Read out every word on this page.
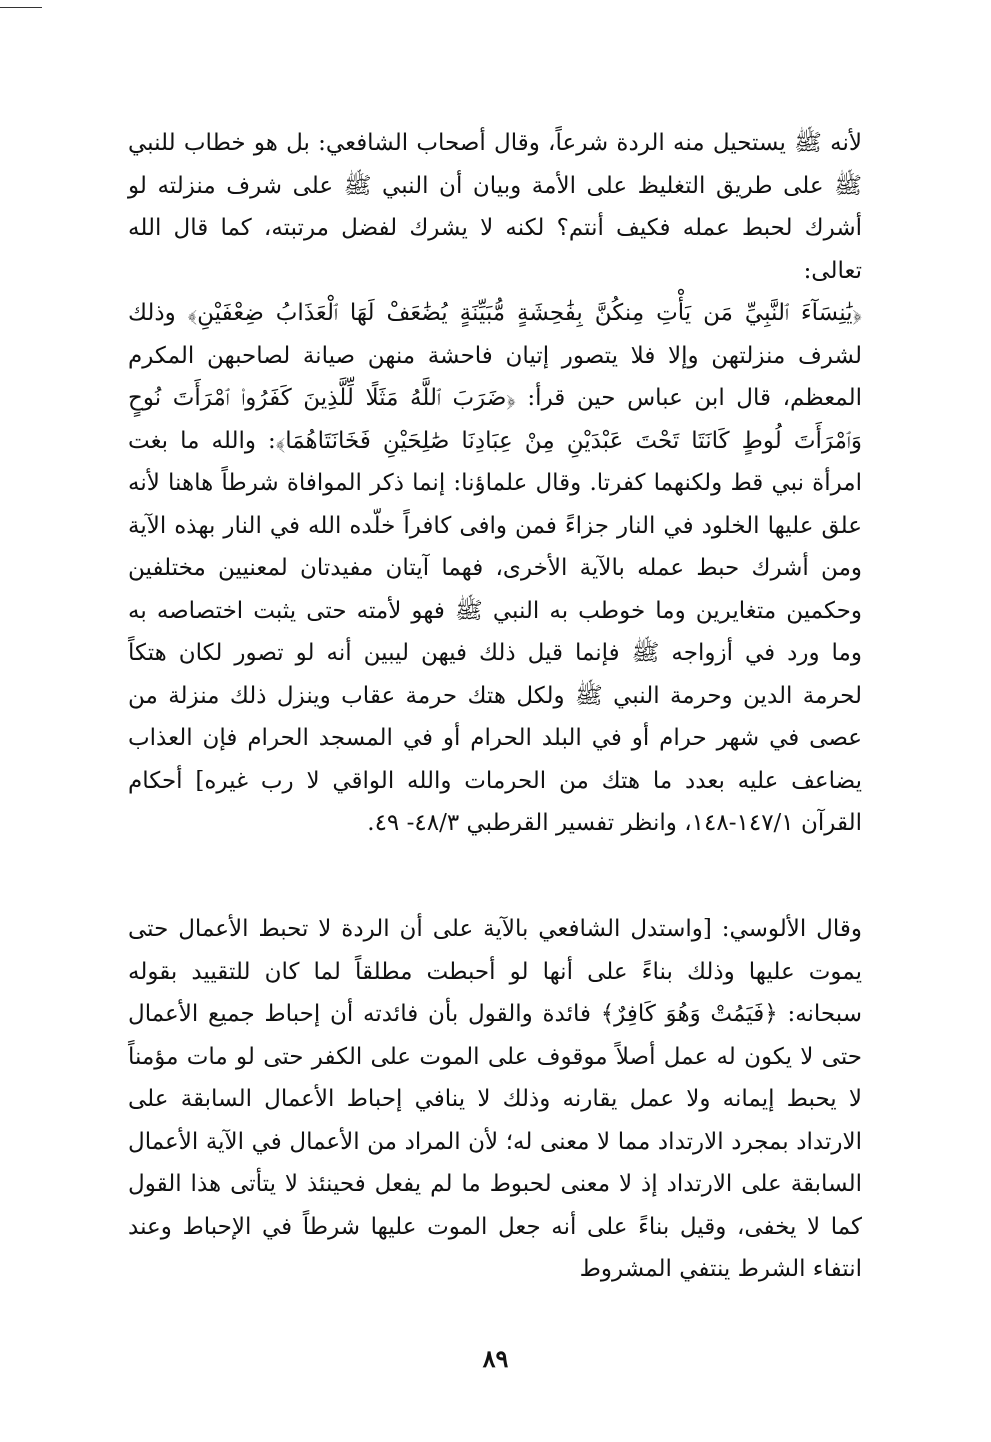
لأنه ﷺ يستحيل منه الردة شرعاً، وقال أصحاب الشافعي: بل هو خطاب للنبي ﷺ على طريق التغليظ على الأمة وبيان أن النبي ﷺ على شرف منزلته لو أشرك لحبط عمله فكيف أنتم؟ لكنه لا يشرك لفضل مرتبته، كما قال الله تعالى:

﴿يَٰنِسَآءَ ٱلنَّبِيِّ مَن يَأْتِ مِنكُنَّ بِفَٰحِشَةٍ مُّبَيِّنَةٍ يُضَٰعَفْ لَهَا ٱلْعَذَابُ ضِعْفَيْنِ﴾ وذلك لشرف منزلتهن وإلا فلا يتصور إتيان فاحشة منهن صيانة لصاحبهن المكرم المعظم، قال ابن عباس حين قرأ: ﴿ضَرَبَ ٱللَّهُ مَثَلًا لِّلَّذِينَ كَفَرُوا۟ ٱمْرَأَتَ نُوحٍ وَٱمْرَأَتَ لُوطٍ كَانَتَا تَحْتَ عَبْدَيْنِ مِنْ عِبَادِنَا صَٰلِحَيْنِ فَخَانَتَاهُمَا﴾: والله ما بغت امرأة نبي قط ولكنهما كفرتا. وقال علماؤنا: إنما ذكر الموافاة شرطاً هاهنا لأنه علق عليها الخلود في النار جزاءً فمن وافى كافراً خلّده الله في النار بهذه الآية ومن أشرك حبط عمله بالآية الأخرى، فهما آيتان مفيدتان لمعنيين مختلفين وحكمين متغايرين وما خوطب به النبي ﷺ فهو لأمته حتى يثبت اختصاصه به وما ورد في أزواجه ﷺ فإنما قيل ذلك فيهن ليبين أنه لو تصور لكان هتكاً لحرمة الدين وحرمة النبي ﷺ ولكل هتك حرمة عقاب وينزل ذلك منزلة من عصى في شهر حرام أو في البلد الحرام أو في المسجد الحرام فإن العذاب يضاعف عليه بعدد ما هتك من الحرمات والله الواقي لا رب غيره] أحكام القرآن ١٤٧/١-١٤٨، وانظر تفسير القرطبي ٤٨/٣- ٤٩.

وقال الألوسي: [واستدل الشافعي بالآية على أن الردة لا تحبط الأعمال حتى يموت عليها وذلك بناءً على أنها لو أحبطت مطلقاً لما كان للتقييد بقوله سبحانه: ﴿فَيَمُتْ وَهُوَ كَافِرٌ﴾ فائدة والقول بأن فائدته أن إحباط جميع الأعمال حتى لا يكون له عمل أصلاً موقوف على الموت على الكفر حتى لو مات مؤمناً لا يحبط إيمانه ولا عمل يقارنه وذلك لا ينافي إحباط الأعمال السابقة على الارتداد بمجرد الارتداد مما لا معنى له؛ لأن المراد من الأعمال في الآية الأعمال السابقة على الارتداد إذ لا معنى لحبوط ما لم يفعل فحينئذ لا يتأتى هذا القول كما لا يخفى، وقيل بناءً على أنه جعل الموت عليها شرطاً في الإحباط وعند انتفاء الشرط ينتفي المشروط

٨٩
